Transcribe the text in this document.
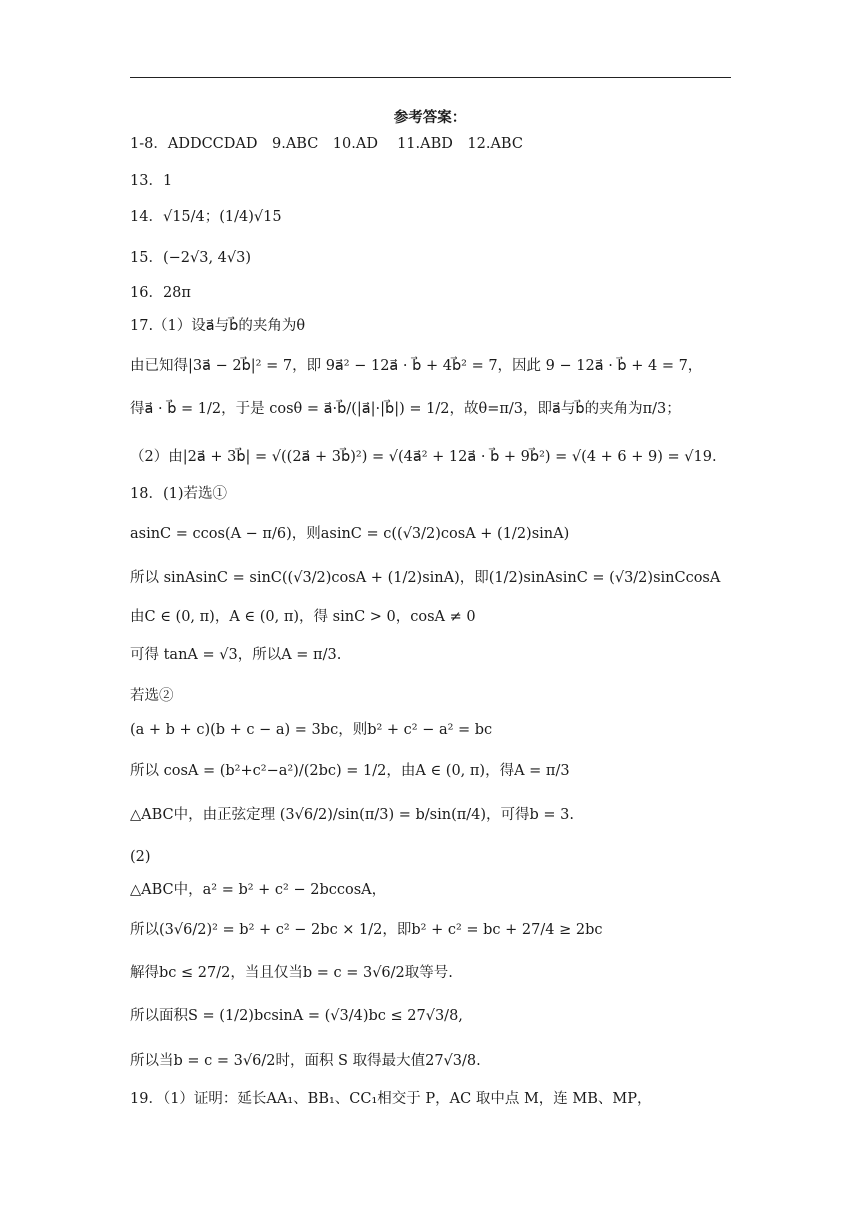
参考答案：
1-8．ADDCCDAD　9.ABC　10.AD　 11.ABD　12.ABC
13．1
14．√15/4；(1/4)√15
15．(−2√3, 4√3)
16．28π
17.（1）设a⃗与b⃗的夹角为θ
由已知得|3a⃗ − 2b⃗|² = 7，即 9a⃗² − 12a⃗ · b⃗ + 4b⃗² = 7，因此 9 − 12a⃗ · b⃗ + 4 = 7，
得a⃗ · b⃗ = 1/2，于是 cosθ = a⃗·b⃗/(|a⃗|·|b⃗|) = 1/2，故θ=π/3，即a⃗与b⃗的夹角为π/3；
（2）由|2a⃗ + 3b⃗| = √((2a⃗ + 3b⃗)²) = √(4a⃗² + 12a⃗ · b⃗ + 9b⃗²) = √(4 + 6 + 9) = √19.
18．(1)若选①
asinC = ccos(A − π/6)，则asinC = c((√3/2)cosA + (1/2)sinA)
所以 sinAsinC = sinC((√3/2)cosA + (1/2)sinA)，即(1/2)sinAsinC = (√3/2)sinCcosA
由C ∈ (0, π)，A ∈ (0, π)，得 sinC > 0，cosA ≠ 0
可得 tanA = √3，所以A = π/3.
若选②
(a + b + c)(b + c − a) = 3bc，则b² + c² − a² = bc
所以 cosA = (b²+c²−a²)/(2bc) = 1/2，由A ∈ (0, π)，得A = π/3
△ABC中，由正弦定理 (3√6/2)/sin(π/3) = b/sin(π/4)，可得b = 3.
(2)
△ABC中，a² = b² + c² − 2bccosA，
所以(3√6/2)² = b² + c² − 2bc × 1/2，即b² + c² = bc + 27/4 ≥ 2bc
解得bc ≤ 27/2，当且仅当b = c = 3√6/2取等号.
所以面积S = (1/2)bcsinA = (√3/4)bc ≤ 27√3/8,
所以当b = c = 3√6/2时，面积 S 取得最大值27√3/8.
19．（1）证明：延长AA₁、BB₁、CC₁相交于 P，AC 取中点 M，连 MB、MP，
